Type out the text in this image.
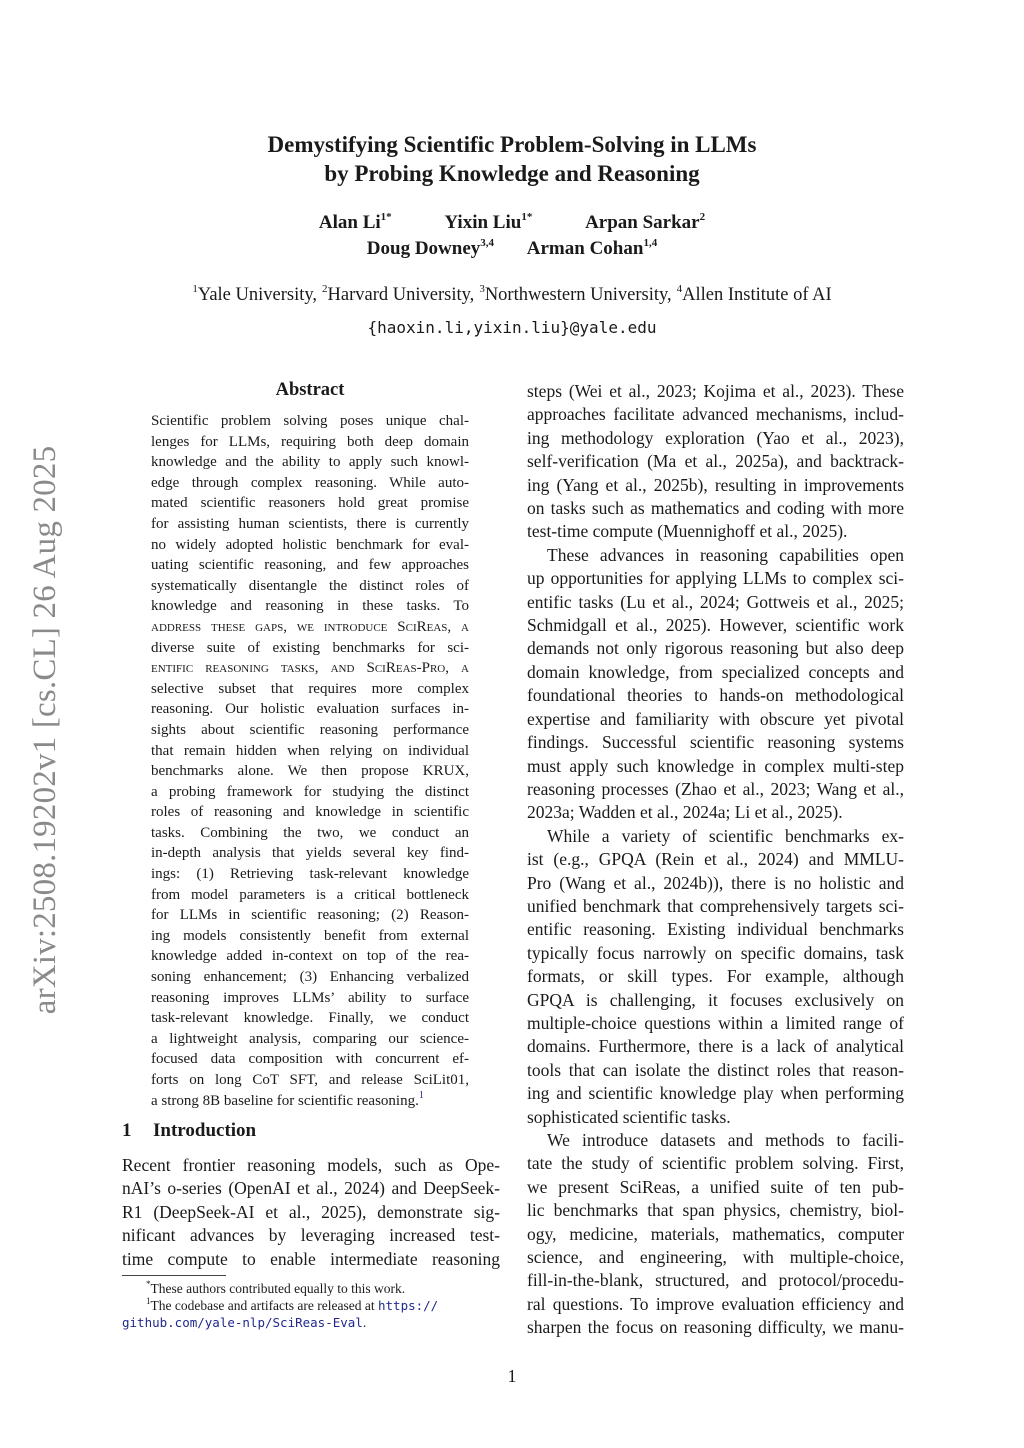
arXiv:2508.19202v1 [cs.CL] 26 Aug 2025
Demystifying Scientific Problem-Solving in LLMs
by Probing Knowledge and Reasoning
Alan $Li^{1*}$	Yixin Liu$^{1*}$	Arpan Sarkar$^2$
Doug Downey$^{3,4}$ Arman Cohan$^{1,4}$
$^1$Yale University, $^2$Harvard University, $^3$Northwestern University, $^4$Allen Institute of AI
{haoxin.li,yixin.liu}@yale.edu
Abstract
Scientific problem solving poses unique chal-
lenges for LLMs, requiring both deep domain
knowledge and the ability to apply such knowl-
edge through complex reasoning. While auto-
mated scientific reasoners hold great promise
for assisting human scientists, there is currently
no widely adopted holistic benchmark for eval-
uating scientific reasoning, and few approaches
systematically disentangle the distinct roles of
knowledge and reasoning in these tasks. To
address these gaps, we introduce SciReas, a
diverse suite of existing benchmarks for sci-
entific reasoning tasks, and SciReas-Pro, a
selective subset that requires more complex
reasoning. Our holistic evaluation surfaces in-
sights about scientific reasoning performance
that remain hidden when relying on individual
benchmarks alone. We then propose KRUX,
a probing framework for studying the distinct
roles of reasoning and knowledge in scientific
tasks. Combining the two, we conduct an
in-depth analysis that yields several key find-
ings: (1) Retrieving task-relevant knowledge
from model parameters is a critical bottleneck
for LLMs in scientific reasoning; (2) Reason-
ing models consistently benefit from external
knowledge added in-context on top of the rea-
soning enhancement; (3) Enhancing verbalized
reasoning improves LLMs’ ability to surface
task-relevant knowledge. Finally, we conduct
a lightweight analysis, comparing our science-
focused data composition with concurrent ef-
forts on long CoT SFT, and release SciLit01,
a strong 8B baseline for scientific reasoning.$^1$
1 Introduction
Recent frontier reasoning models, such as Ope-
nAI’s o-series (OpenAI et al., 2024) and DeepSeek-
R1 (DeepSeek-AI et al., 2025), demonstrate sig-
nificant advances by leveraging increased test-
time compute to enable intermediate reasoning
*These authors contributed equally to this work.
$^1$The codebase and artifacts are released at https://
github.com/yale-nlp/SciReas-Eval.
steps (Wei et al., 2023; Kojima et al., 2023). These
approaches facilitate advanced mechanisms, includ-
ing methodology exploration (Yao et al., 2023),
self-verification (Ma et al., 2025a), and backtrack-
ing (Yang et al., 2025b), resulting in improvements
on tasks such as mathematics and coding with more
test-time compute (Muennighoff et al., 2025).
These advances in reasoning capabilities open
up opportunities for applying LLMs to complex sci-
entific tasks (Lu et al., 2024; Gottweis et al., 2025;
Schmidgall et al., 2025). However, scientific work
demands not only rigorous reasoning but also deep
domain knowledge, from specialized concepts and
foundational theories to hands-on methodological
expertise and familiarity with obscure yet pivotal
findings. Successful scientific reasoning systems
must apply such knowledge in complex multi-step
reasoning processes (Zhao et al., 2023; Wang et al.,
2023a; Wadden et al., 2024a; Li et al., 2025).
While a variety of scientific benchmarks ex-
ist (e.g., GPQA (Rein et al., 2024) and MMLU-
Pro (Wang et al., 2024b)), there is no holistic and
unified benchmark that comprehensively targets sci-
entific reasoning. Existing individual benchmarks
typically focus narrowly on specific domains, task
formats, or skill types. For example, although
GPQA is challenging, it focuses exclusively on
multiple-choice questions within a limited range of
domains. Furthermore, there is a lack of analytical
tools that can isolate the distinct roles that reason-
ing and scientific knowledge play when performing
sophisticated scientific tasks.
We introduce datasets and methods to facili-
tate the study of scientific problem solving. First,
we present SciReas, a unified suite of ten pub-
lic benchmarks that span physics, chemistry, biol-
ogy, medicine, materials, mathematics, computer
science, and engineering, with multiple-choice,
fill-in-the-blank, structured, and protocol/procedu-
ral questions. To improve evaluation efficiency and
sharpen the focus on reasoning difficulty, we manu-
1
